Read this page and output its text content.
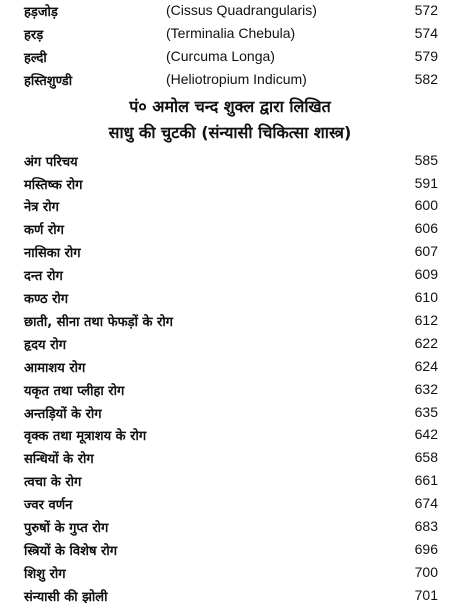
हड़जोड़	(Cissus Quadrangularis)	572
हरड़	(Terminalia Chebula)	574
हल्दी	(Curcuma Longa)	579
हस्तिशुण्डी	(Heliotropium Indicum)	582
पं० अमोल चन्द शुक्ल द्वारा लिखित
साधु की चुटकी (संन्यासी चिकित्सा शास्त्र)
अंग परिचय	585
मस्तिष्क रोग	591
नेत्र रोग	600
कर्ण रोग	606
नासिका रोग	607
दन्त रोग	609
कण्ठ रोग	610
छाती, सीना तथा फेफड़ों के रोग	612
हृदय रोग	622
आमाशय रोग	624
यकृत तथा प्लीहा रोग	632
अन्तड़ियों के रोग	635
वृक्क तथा मूत्राशय के रोग	642
सन्धियों के रोग	658
त्वचा के रोग	661
ज्वर वर्णन	674
पुरुषों के गुप्त रोग	683
स्त्रियों के विशेष रोग	696
शिशु रोग	700
संन्यासी की झोली	701
